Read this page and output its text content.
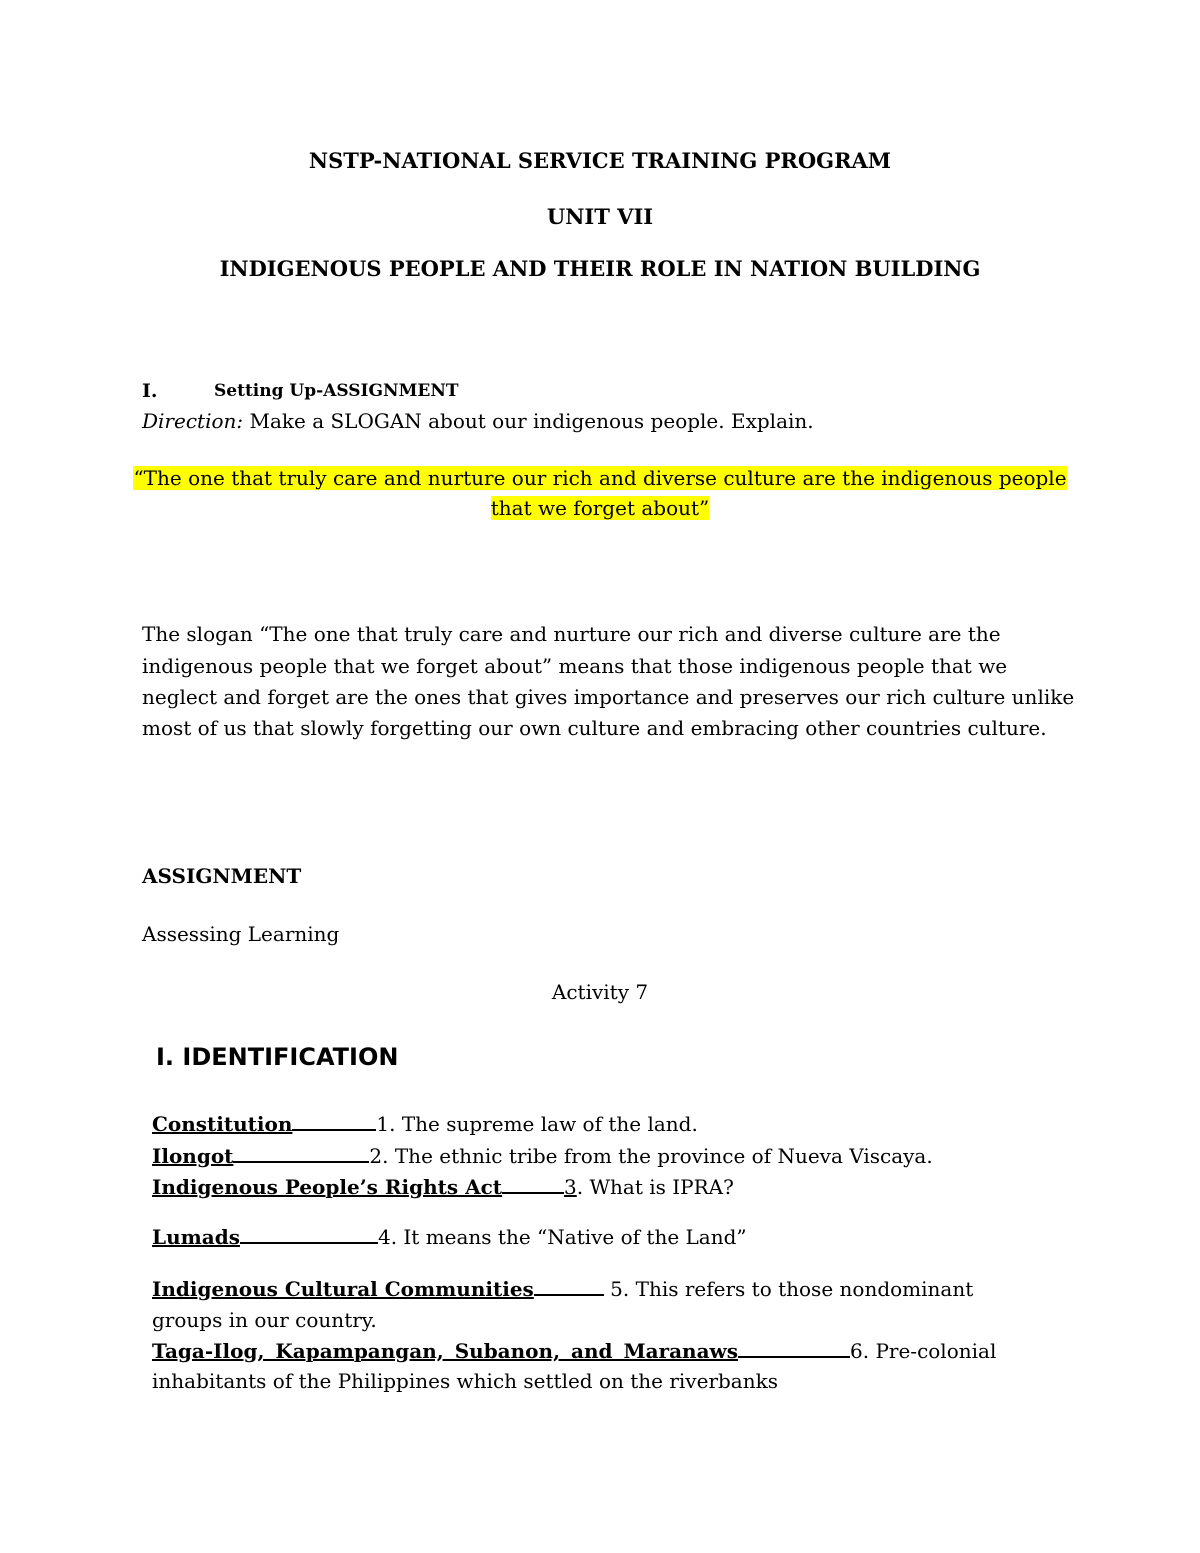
NSTP-NATIONAL SERVICE TRAINING PROGRAM
UNIT VII
INDIGENOUS PEOPLE AND THEIR ROLE IN NATION BUILDING
I.	Setting Up-ASSIGNMENT
Direction: Make a SLOGAN about our indigenous people. Explain.
“The one that truly care and nurture our rich and diverse culture are the indigenous people
that we forget about”
The slogan “The one that truly care and nurture our rich and diverse culture are the
indigenous people that we forget about” means that those indigenous people that we
neglect and forget are the ones that gives importance and preserves our rich culture unlike
most of us that slowly forgetting our own culture and embracing other countries culture.
ASSIGNMENT
Assessing Learning
Activity 7
I. IDENTIFICATION
Constitution	1. The supreme law of the land.
Ilongot	2. The ethnic tribe from the province of Nueva Viscaya.
Indigenous People’s Rights Act	3. What is IPRA?
Lumads	4. It means the “Native of the Land”
Indigenous Cultural Communities	5. This refers to those nondominant
groups in our country.
Taga-Ilog, Kapampangan, Subanon, and Maranaws	6. Pre-colonial
inhabitants of the Philippines which settled on the riverbanks
